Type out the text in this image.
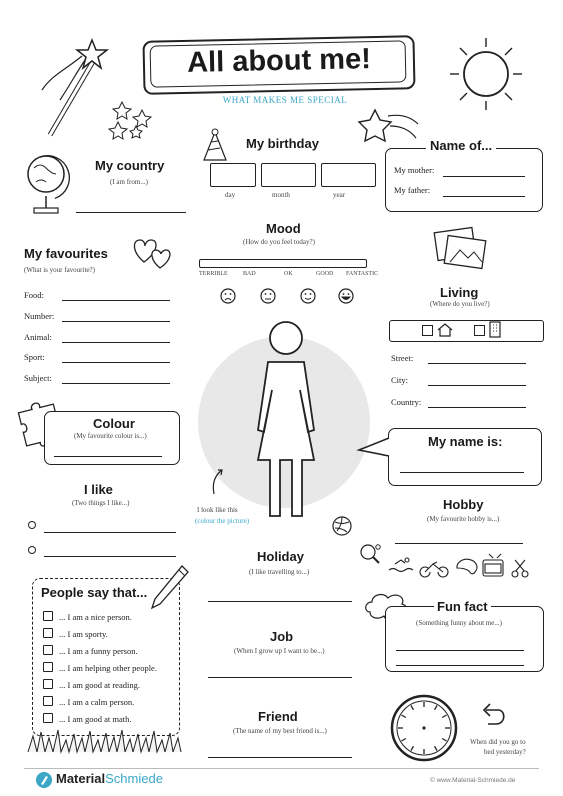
All about me!
WHAT MAKES ME SPECIAL
My country
(I am from...)
My birthday
day	month	year
Name of...
My mother:
My father:
My favourites
(What is your favourite?)
Food:
Number:
Animal:
Sport:
Subject:
Mood
(How do you feel today?)
TERRIBLE	BAD	OK	GOOD FANTASTIC
Living
(Where do you live?)
Street:
City:
Country:
I look like this
(colour the picture)
Colour
(My favourite colour is...)	My name is:
I like
(Two things I like...)	Hobby
(My favourite hobby is...)
Holiday
(I like travelling to...)
People say that...
... I am a nice person.
... I am sporty.
... I am a funny person.
... I am helping other people.
... I am good at reading.
... I am a calm person.
... I am good at math.
Fun fact
(Something funny about me...)
Job
(When I grow up I want to be...)
Friend
(The name of my best friend is...)
When did you go to
bed yesterday?
MaterialSchmiede	© www.Material-Schmiede.de
